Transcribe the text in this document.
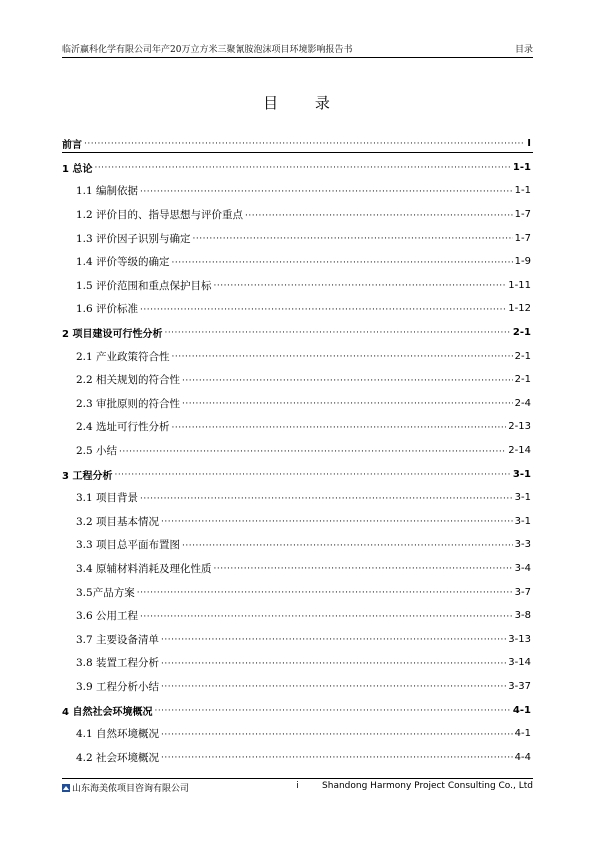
临沂赢科化学有限公司年产20万立方米三聚氰胺泡沫项目环境影响报告书	目录
目 录
前言 ·····	I
1 总论 ·····	1-1
1.1 编制依据 ·····	1-1
1.2 评价目的、指导思想与评价重点 ·····	1-7
1.3 评价因子识别与确定 ·····	1-7
1.4 评价等级的确定 ·····	1-9
1.5 评价范围和重点保护目标 ·····	1-11
1.6 评价标准 ·····	1-12
2 项目建设可行性分析 ·····	2-1
2.1 产业政策符合性 ·····	2-1
2.2 相关规划的符合性 ·····	2-1
2.3 审批原则的符合性 ·····	2-4
2.4 选址可行性分析 ·····	2-13
2.5 小结 ·····	2-14
3 工程分析 ·····	3-1
3.1 项目背景 ·····	3-1
3.2 项目基本情况 ·····	3-1
3.3 项目总平面布置图 ·····	3-3
3.4 原辅材料消耗及理化性质 ·····	3-4
3.5产品方案 ·····	3-7
3.6 公用工程 ·····	3-8
3.7 主要设备清单 ·····	3-13
3.8 装置工程分析 ·····	3-14
3.9 工程分析小结 ·····	3-37
4 自然社会环境概况 ·····	4-1
4.1 自然环境概况 ·····	4-1
4.2 社会环境概况 ·····	4-4
山东海美侬项目咨询有限公司	i	Shandong Harmony Project Consulting Co., Ltd
